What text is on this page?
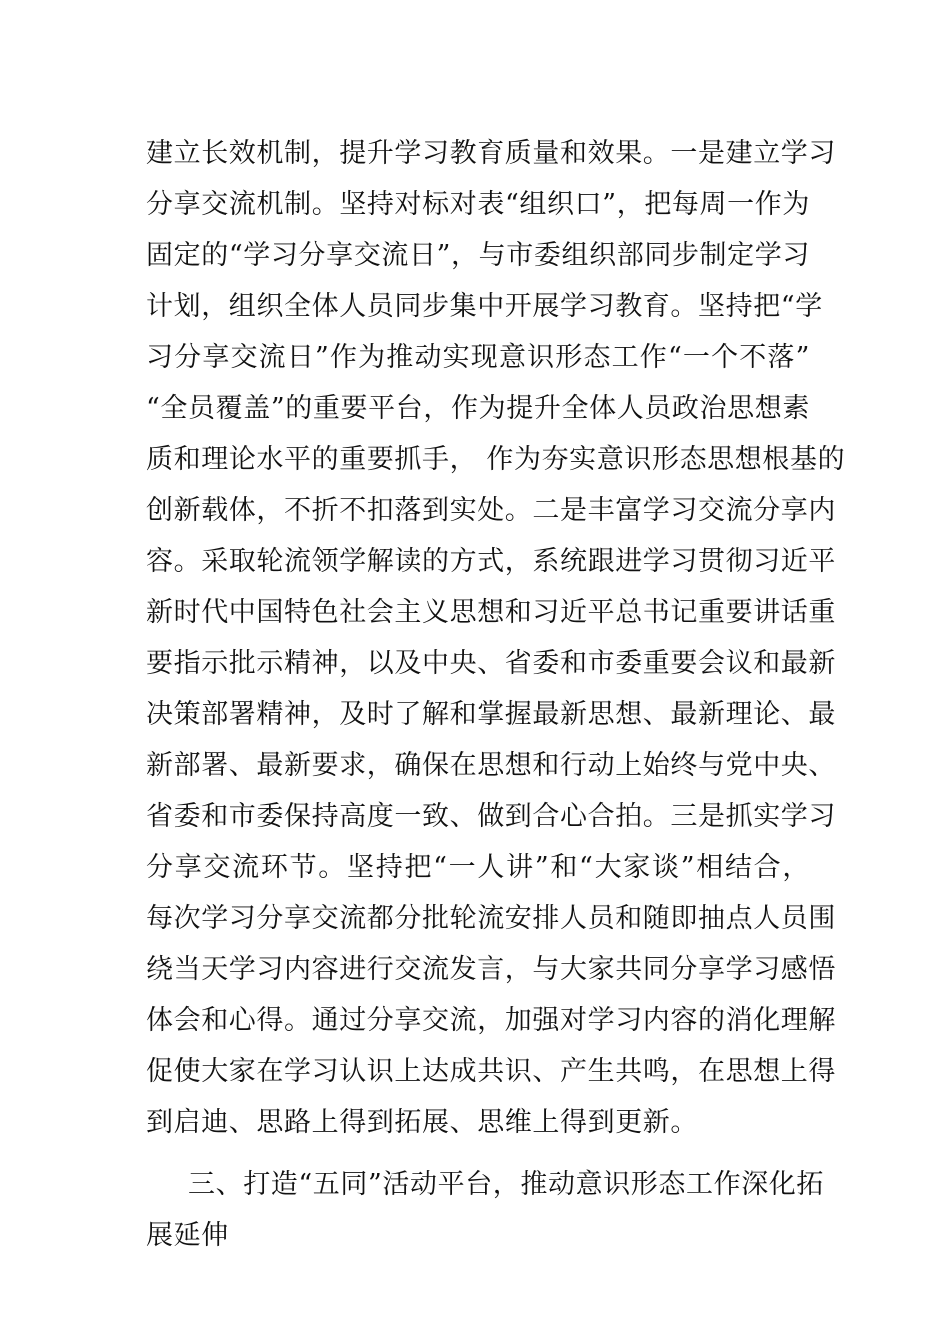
建立长效机制，提升学习教育质量和效果。一是建立学习
分享交流机制。坚持对标对表“组织口”，把每周一作为
固定的“学习分享交流日”，与市委组织部同步制定学习
计划，组织全体人员同步集中开展学习教育。坚持把“学
习分享交流日”作为推动实现意识形态工作“一个不落”
“全员覆盖”的重要平台，作为提升全体人员政治思想素
质和理论水平的重要抓手， 作为夯实意识形态思想根基的
创新载体，不折不扣落到实处。二是丰富学习交流分享内
容。采取轮流领学解读的方式，系统跟进学习贯彻习近平
新时代中国特色社会主义思想和习近平总书记重要讲话重
要指示批示精神，以及中央、省委和市委重要会议和最新
决策部署精神，及时了解和掌握最新思想、最新理论、最
新部署、最新要求，确保在思想和行动上始终与党中央、
省委和市委保持高度一致、做到合心合拍。三是抓实学习
分享交流环节。坚持把“一人讲”和“大家谈”相结合，
每次学习分享交流都分批轮流安排人员和随即抽点人员围
绕当天学习内容进行交流发言，与大家共同分享学习感悟
体会和心得。通过分享交流，加强对学习内容的消化理解
促使大家在学习认识上达成共识、产生共鸣，在思想上得
到启迪、思路上得到拓展、思维上得到更新。
三、打造“五同”活动平台，推动意识形态工作深化拓
展延伸
